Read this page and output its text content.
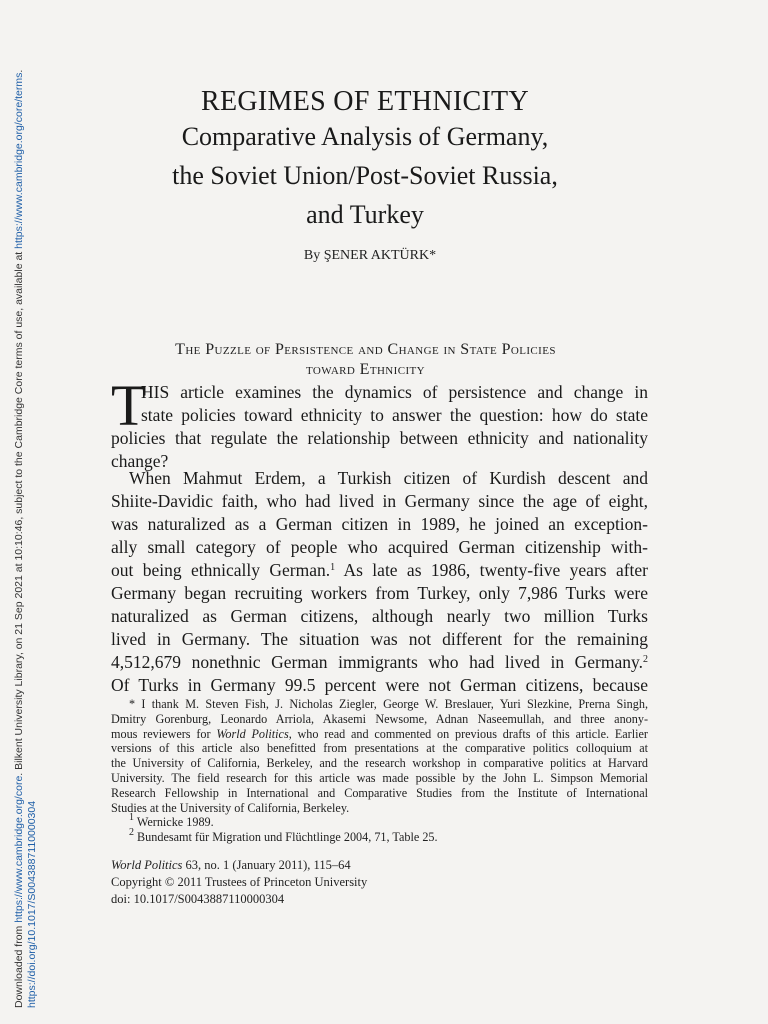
Downloaded from https://www.cambridge.org/core. Bilkent University Library, on 21 Sep 2021 at 10:10:46, subject to the Cambridge Core terms of use, available at https://www.cambridge.org/core/terms.
https://doi.org/10.1017/S0043887110000304
REGIMES OF ETHNICITY
Comparative Analysis of Germany,
the Soviet Union/Post-Soviet Russia,
and Turkey
By ŞENER AKTÜRK*
The Puzzle of Persistence and Change in State Policies
toward Ethnicity
T
HIS article examines the dynamics of persistence and change in
state policies toward ethnicity to answer the question: how do state
policies that regulate the relationship between ethnicity and nationality
change?
When Mahmut Erdem, a Turkish citizen of Kurdish descent and
Shiite-Davidic faith, who had lived in Germany since the age of eight,
was naturalized as a German citizen in 1989, he joined an exception-
ally small category of people who acquired German citizenship with-
out being ethnically German.$^1$ As late as 1986, twenty-five years after
Germany began recruiting workers from Turkey, only 7,986 Turks were
naturalized as German citizens, although nearly two million Turks
lived in Germany. The situation was not different for the remaining
4,512,679 nonethnic German immigrants who had lived in Germany.$^2$
Of Turks in Germany 99.5 percent were not German citizens, because
* I thank M. Steven Fish, J. Nicholas Ziegler, George W. Breslauer, Yuri Slezkine, Prerna Singh,
Dmitry Gorenburg, Leonardo Arriola, Akasemi Newsome, Adnan Naseemullah, and three anony-
mous reviewers for World Politics, who read and commented on previous drafts of this article. Earlier
versions of this article also benefitted from presentations at the comparative politics colloquium at
the University of California, Berkeley, and the research workshop in comparative politics at Harvard
University. The field research for this article was made possible by the John L. Simpson Memorial
Research Fellowship in International and Comparative Studies from the Institute of International
Studies at the University of California, Berkeley.
$^1$ Wernicke 1989.
$^2$ Bundesamt für Migration und Flüchtlinge 2004, 71, Table 25.
World Politics 63, no. 1 (January 2011), 115–64
Copyright © 2011 Trustees of Princeton University
doi: 10.1017/S0043887110000304
